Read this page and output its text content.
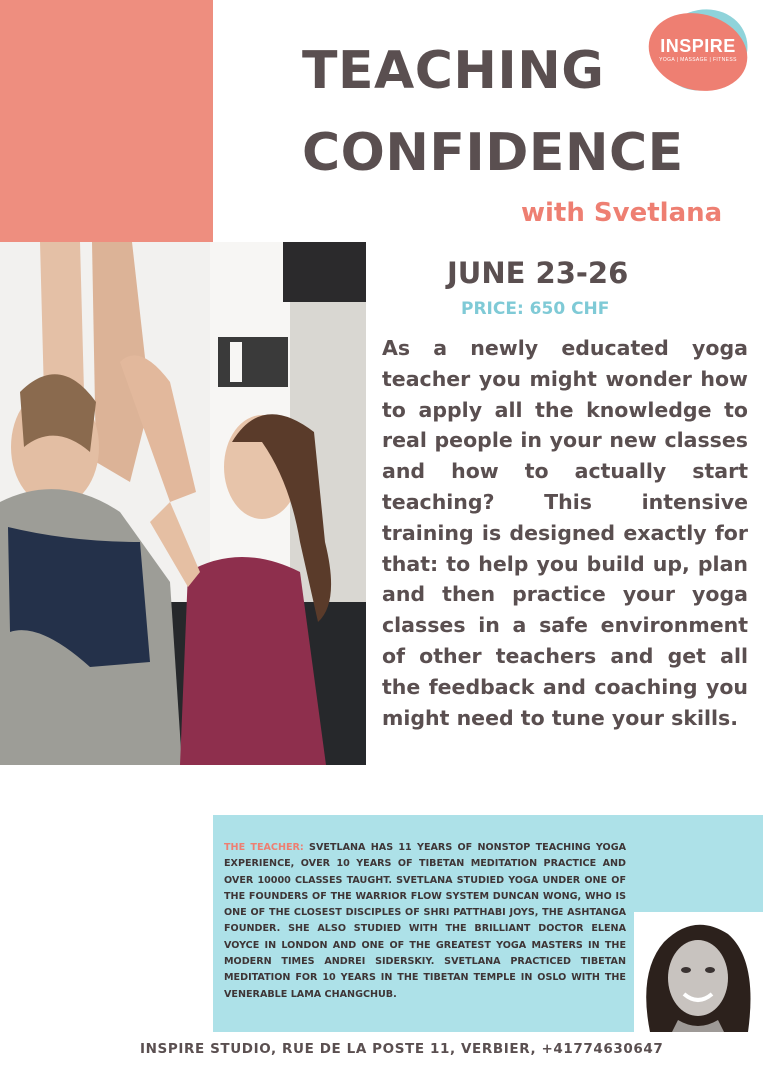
INSPIRE
YOGA | MASSAGE | FITNESS
TEACHING
CONFIDENCE
with Svetlana
JUNE 23-26
PRICE: 650 CHF
As a newly educated yoga teacher you might wonder how to apply all the knowledge to real people in your new classes and how to actually start teaching? This intensive training is designed exactly for that: to help you build up, plan and then practice your yoga classes in a safe environment of other teachers and get all the feedback and coaching you might need to tune your skills.
THE TEACHER: SVETLANA HAS 11 YEARS OF NONSTOP TEACHING YOGA EXPERIENCE, OVER 10 YEARS OF TIBETAN MEDITATION PRACTICE AND OVER 10000 CLASSES TAUGHT. SVETLANA STUDIED YOGA UNDER ONE OF THE FOUNDERS OF THE WARRIOR FLOW SYSTEM DUNCAN WONG, WHO IS ONE OF THE CLOSEST DISCIPLES OF SHRI PATTHABI JOYS, THE ASHTANGA FOUNDER. SHE ALSO STUDIED WITH THE BRILLIANT DOCTOR ELENA VOYCE IN LONDON AND ONE OF THE GREATEST YOGA MASTERS IN THE MODERN TIMES ANDREI SIDERSKIY. SVETLANA PRACTICED TIBETAN MEDITATION FOR 10 YEARS IN THE TIBETAN TEMPLE IN OSLO WITH THE VENERABLE LAMA CHANGCHUB.
INSPIRE STUDIO, RUE DE LA POSTE 11, VERBIER, +41774630647
